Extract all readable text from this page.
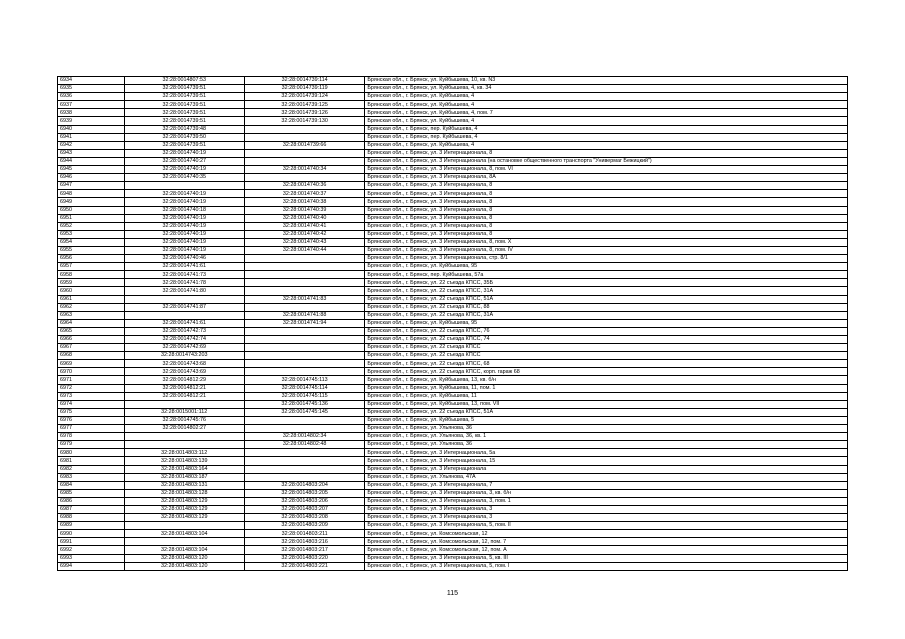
6934	32:28:0014807:53	32:28:0014739:114	Брянская обл., г. Брянск, ул. Куйбышева, 10, кв. N3
6935	32:28:0014739:51	32:28:0014739:119	Брянская обл., г. Брянск, ул. Куйбышева, 4, кв. 34
6936	32:28:0014739:51	32:28:0014739:124	Брянская обл., г. Брянск, ул. Куйбышева, 4
6937	32:28:0014739:51	32:28:0014739:125	Брянская обл., г. Брянск, ул. Куйбышева, 4
6938	32:28:0014739:51	32:28:0014739:126	Брянская обл., г. Брянск, ул. Куйбышева, 4, пом. 7
6939	32:28:0014739:51	32:28:0014739:130	Брянская обл., г. Брянск, ул. Куйбышева, 4
6940	32:28:0014739:48		Брянская обл., г. Брянск, пер. Куйбышева, 4
6941	32:28:0014739:50		Брянская обл., г. Брянск, пер. Куйбышева, 4
6942	32:28:0014739:51	32:28:0014739:66	Брянская обл., г. Брянск, ул. Куйбышева, 4
6943	32:28:0014740:19		Брянская обл., г. Брянск, ул. 3 Интернационала, 8
6944	32:28:0014740:27		Брянская обл., г. Брянск, ул. 3 Интернационала (на остановке общественного транспорта "Универмаг Бежицкий")
6945	32:28:0014740:19	32:28:0014740:34	Брянская обл., г. Брянск, ул. 3 Интернационала, 8, пом. VI
6946	32:28:0014740:35		Брянская обл., г. Брянск, ул. 3 Интернационала, 8А
6947		32:28:0014740:36	Брянская обл., г. Брянск, ул. 3 Интернационала, 8
6948	32:28:0014740:19	32:28:0014740:37	Брянская обл., г. Брянск, ул. 3 Интернационала, 8
6949	32:28:0014740:19	32:28:0014740:38	Брянская обл., г. Брянск, ул. 3 Интернационала, 8
6950	32:28:0014740:18	32:28:0014740:39	Брянская обл., г. Брянск, ул. 3 Интернационала, 8
6951	32:28:0014740:19	32:28:0014740:40	Брянская обл., г. Брянск, ул. 3 Интернационала, 8
6952	32:28:0014740:19	32:28:0014740:41	Брянская обл., г. Брянск, ул. 3 Интернационала, 8
6953	32:28:0014740:19	32:28:0014740:42	Брянская обл., г. Брянск, ул. 3 Интернационала, 8
6954	32:28:0014740:19	32:28:0014740:43	Брянская обл., г. Брянск, ул. 3 Интернационала, 8, пом. X
6955	32:28:0014740:19	32:28:0014740:44	Брянская обл., г. Брянск, ул. 3 Интернационала, 8, пом. IV
6956	32:28:0014740:46		Брянская обл., г. Брянск, ул. 3 Интернационала, стр. 8/1
6957	32:28:0014741:61		Брянская обл., г. Брянск, ул. Куйбышева, 95
6958	32:28:0014741:73		Брянская обл., г. Брянск, пер. Куйбышева, 57а
6959	32:28:0014741:78		Брянская обл., г. Брянск, ул. 22 съезда КПСС, 35Б
6960	32:28:0014741:80		Брянская обл., г. Брянск, ул. 22 съезда КПСС, 31А
6961		32:28:0014741:83	Брянская обл., г. Брянск, ул. 22 съезда КПСС, 51А
6962	32:28:0014741:87		Брянская обл., г. Брянск, ул. 22 съезда КПСС, 88
6963		32:28:0014741:88	Брянская обл., г. Брянск, ул. 22 съезда КПСС, 31А
6964	32:28:0014741:61	32:28:0014741:94	Брянская обл., г. Брянск, ул. Куйбышева, 95
6965	32:28:0014742:73		Брянская обл., г. Брянск, ул. 22 съезда КПСС, 76
6966	32:28:0014742:74		Брянская обл., г. Брянск, ул. 22 съезда КПСС, 74
6967	32:28:0014742:69		Брянская обл., г. Брянск, ул. 22 съезда КПСС
6968	32:28:0014743:203		Брянская обл., г. Брянск, ул. 22 съезда КПСС
6969	32:28:0014743:68		Брянская обл., г. Брянск, ул. 22 съезда КПСС, 68
6970	32:28:0014743:69		Брянская обл., г. Брянск, ул. 22 съезда КПСС, корп. гараж 68
6971	32:28:0014812:29	32:28:0014745:113	Брянская обл., г. Брянск, ул. Куйбышева, 13, кв. б/н
6972	32:28:0014812:21	32:28:0014745:114	Брянская обл., г. Брянск, ул. Куйбышева, 11, пом. 1
6973	32:28:0014812:21	32:28:0014745:115	Брянская обл., г. Брянск, ул. Куйбышева, 11
6974		32:28:0014745:136	Брянская обл., г. Брянск, ул. Куйбышева, 13, пом. VII
6975	32:28:0015001:112	32:28:0014745:145	Брянская обл., г. Брянск, ул. 22 съезда КПСС, 51А
6976	32:28:0014745:76		Брянская обл., г. Брянск, ул. Куйбышева, 5
6977	32:28:0014802:27		Брянская обл., г. Брянск, ул. Ульянова, 36
6978		32:28:0014802:34	Брянская обл., г. Брянск, ул. Ульянова, 36, кв. 1
6979		32:28:0014802:48	Брянская обл., г. Брянск, ул. Ульянова, 36
6980	32:28:0014803:112		Брянская обл., г. Брянск, ул. 3 Интернационала, 5а
6981	32:28:0014803:139		Брянская обл., г. Брянск, ул. 3 Интернационала, 15
6982	32:28:0014803:164		Брянская обл., г. Брянск, ул. 3 Интернационала
6983	32:28:0014803:187		Брянская обл., г. Брянск, ул. Ульянова, 47А
6984	32:28:0014803:131	32:28:0014803:204	Брянская обл., г. Брянск, ул. 3 Интернационала, 7
6985	32:28:0014803:128	32:28:0014803:205	Брянская обл., г. Брянск, ул. 3 Интернационала, 3, кв. б/н
6986	32:28:0014803:129	32:28:0014803:206	Брянская обл., г. Брянск, ул. 3 Интернационала, 3, пом. 1
6987	32:28:0014803:129	32:28:0014803:207	Брянская обл., г. Брянск, ул. 3 Интернационала, 3
6988	32:28:0014803:129	32:28:0014803:208	Брянская обл., г. Брянск, ул. 3 Интернационала, 3
6989		32:28:0014803:209	Брянская обл., г. Брянск, ул. 3 Интернационала, 5, пом. II
6990	32:28:0014803:104	32:28:0014803:211	Брянская обл., г. Брянск, ул. Комсомольская, 12
6991		32:28:0014803:216	Брянская обл., г. Брянск, ул. Комсомольская, 12, пом. 7
6992	32:28:0014803:104	32:28:0014803:217	Брянская обл., г. Брянск, ул. Комсомольская, 12, пом. А
6993	32:28:0014803:120	32:28:0014803:220	Брянская обл., г. Брянск, ул. 3 Интернационала, 5, кв. III
6994	32:28:0014803:120	32:28:0014803:221	Брянская обл., г. Брянск, ул. 3 Интернационала, 5, пом. I
115
